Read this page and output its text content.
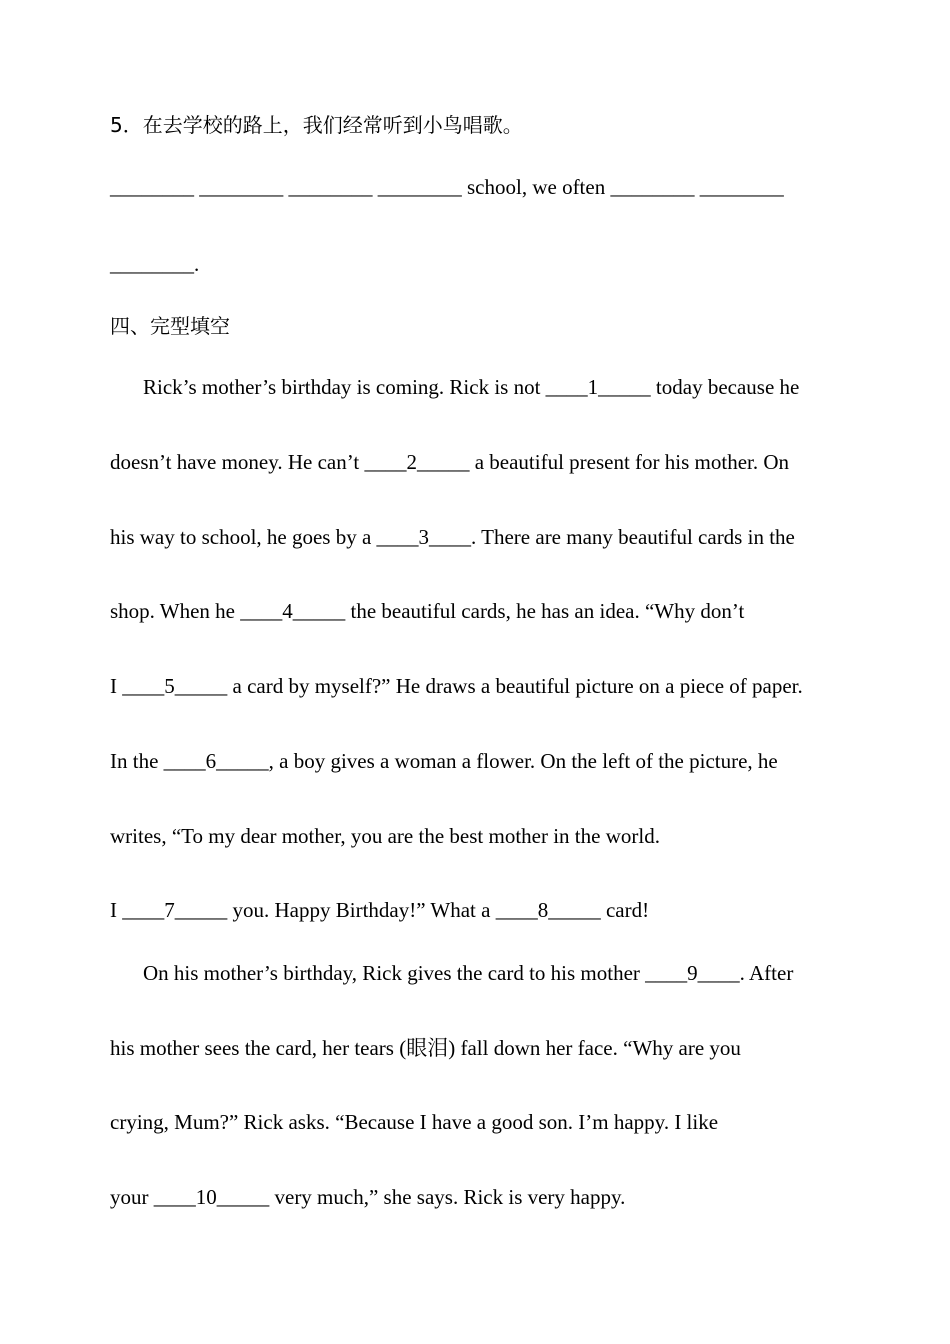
5．在去学校的路上，我们经常听到小鸟唱歌。
________ ________ ________ ________ school, we often ________ ________
________.
四、完型填空
Rick’s mother’s birthday is coming. Rick is not ____1_____ today because he
doesn’t have money. He can’t ____2_____ a beautiful present for his mother. On
his way to school, he goes by a ____3____. There are many beautiful cards in the
shop. When he ____4_____ the beautiful cards, he has an idea. “Why don’t
I ____5_____ a card by myself?” He draws a beautiful picture on a piece of paper.
In the ____6_____, a boy gives a woman a flower. On the left of the picture, he
writes, “To my dear mother, you are the best mother in the world.
I ____7_____ you. Happy Birthday!” What a ____8_____ card!
On his mother’s birthday, Rick gives the card to his mother ____9____. After
his mother sees the card, her tears (眼泪) fall down her face. “Why are you
crying, Mum?” Rick asks. “Because I have a good son. I’m happy. I like
your ____10_____ very much,” she says. Rick is very happy.
